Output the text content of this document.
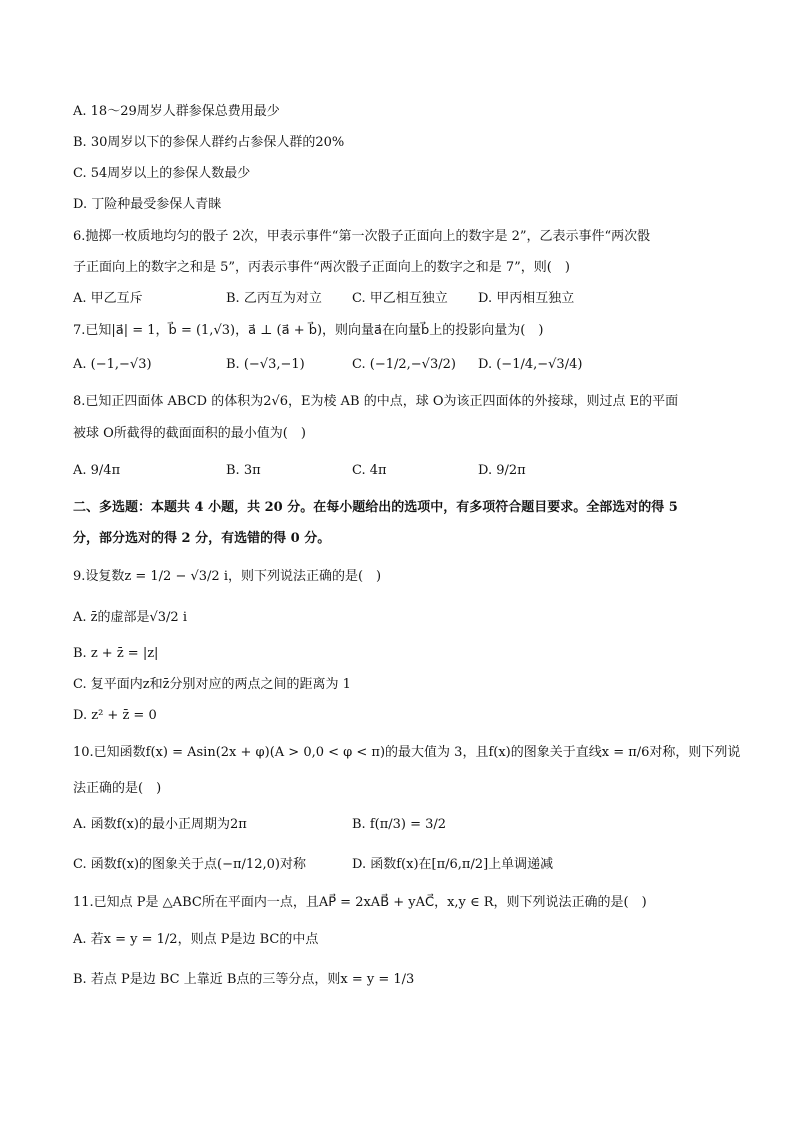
A. 18～29周岁人群参保总费用最少
B. 30周岁以下的参保人群约占参保人群的20%
C. 54周岁以上的参保人数最少
D. 丁险种最受参保人青睐
6.抛掷一枚质地均匀的骰子 2次，甲表示事件“第一次骰子正面向上的数字是 2”，乙表示事件“两次骰
子正面向上的数字之和是 5”，丙表示事件“两次骰子正面向上的数字之和是 7”，则(　)
A. 甲乙互斥	B. 乙丙互为对立 C. 甲乙相互独立 D. 甲丙相互独立
7.已知|a⃗| = 1，b⃗ = (1,√3)，a⃗ ⊥ (a⃗ + b⃗)，则向量a⃗在向量b⃗上的投影向量为(　)
A. (−1,−√3)	B. (−√3,−1)	C. (−1/2,−√3/2) D. (−1/4,−√3/4)
8.已知正四面体 ABCD 的体积为2√6，E为棱 AB 的中点，球 O为该正四面体的外接球，则过点 E的平面
被球 O所截得的截面面积的最小值为(　)
A. 9/4π	B. 3π	C. 4π	D. 9/2π
二、多选题：本题共 4 小题，共 20 分。在每小题给出的选项中，有多项符合题目要求。全部选对的得 5
分，部分选对的得 2 分，有选错的得 0 分。
9.设复数z = 1/2 − √3/2 i，则下列说法正确的是(　)
A. z̄的虚部是√3/2 i
B. z + z̄ = |z|
C. 复平面内z和z̄分别对应的两点之间的距离为 1
D. z² + z̄ = 0
10.已知函数f(x) = Asin(2x + φ)(A > 0,0 < φ < π)的最大值为 3，且f(x)的图象关于直线x = π/6对称，则下列说
法正确的是(　)
A. 函数f(x)的最小正周期为2π	B. f(π/3) = 3/2
C. 函数f(x)的图象关于点(−π/12,0)对称	D. 函数f(x)在[π/6,π/2]上单调递减
11.已知点 P是 △ABC所在平面内一点，且AP⃗ = 2xAB⃗ + yAC⃗，x,y ∈ R，则下列说法正确的是(　)
A. 若x = y = 1/2，则点 P是边 BC的中点
B. 若点 P是边 BC 上靠近 B点的三等分点，则x = y = 1/3
